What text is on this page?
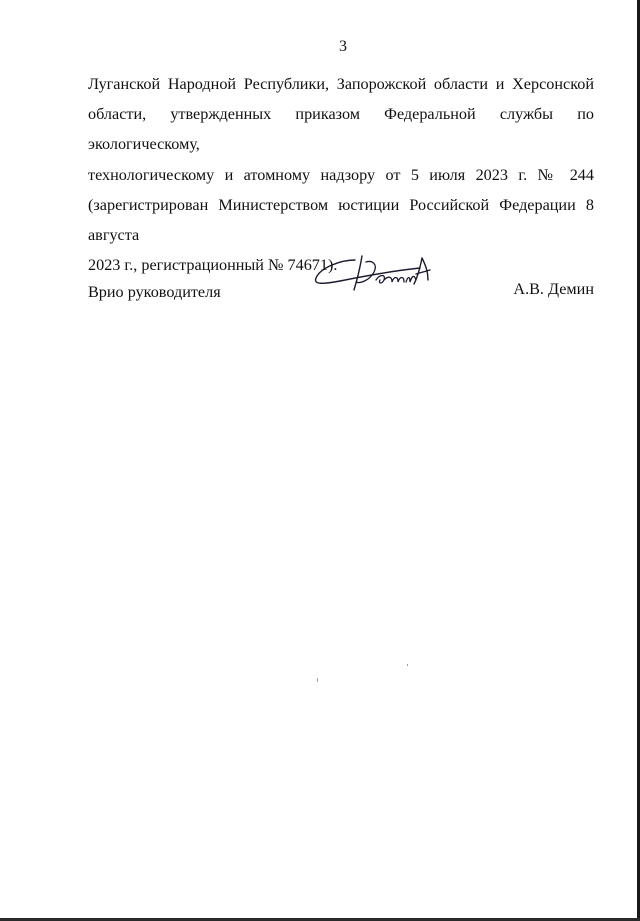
3
Луганской Народной Республики, Запорожской области и Херсонской
области, утвержденных приказом Федеральной службы по экологическому,
технологическому и атомному надзору от 5 июля 2023 г. № 244
(зарегистрирован Министерством юстиции Российской Федерации 8 августа
2023 г., регистрационный № 74671).
Врио руководителя	А.В. Демин
